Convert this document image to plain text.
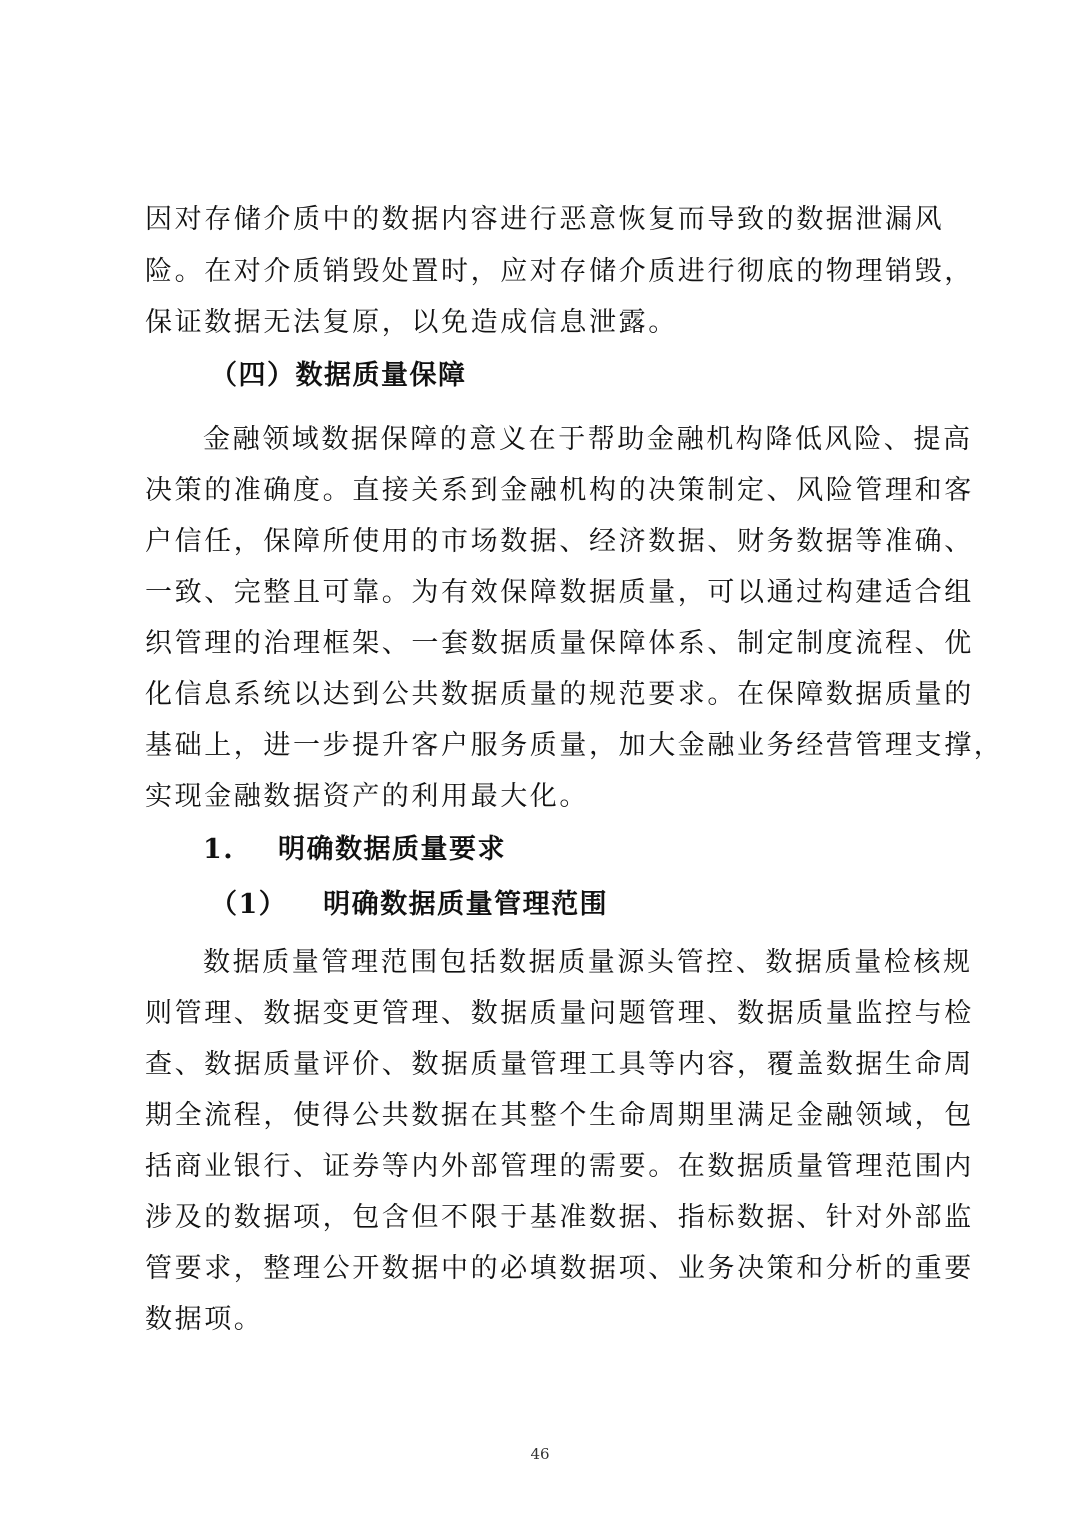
因对存储介质中的数据内容进行恶意恢复而导致的数据泄漏风
险。在对介质销毁处置时，应对存储介质进行彻底的物理销毁，
保证数据无法复原，以免造成信息泄露。
（四）数据质量保障
金融领域数据保障的意义在于帮助金融机构降低风险、提高
决策的准确度。直接关系到金融机构的决策制定、风险管理和客
户信任，保障所使用的市场数据、经济数据、财务数据等准确、
一致、完整且可靠。为有效保障数据质量，可以通过构建适合组
织管理的治理框架、一套数据质量保障体系、制定制度流程、优
化信息系统以达到公共数据质量的规范要求。在保障数据质量的
基础上，进一步提升客户服务质量，加大金融业务经营管理支撑，
实现金融数据资产的利用最大化。
1. 明确数据质量要求
（1） 明确数据质量管理范围
数据质量管理范围包括数据质量源头管控、数据质量检核规
则管理、数据变更管理、数据质量问题管理、数据质量监控与检
查、数据质量评价、数据质量管理工具等内容，覆盖数据生命周
期全流程，使得公共数据在其整个生命周期里满足金融领域，包
括商业银行、证券等内外部管理的需要。在数据质量管理范围内
涉及的数据项，包含但不限于基准数据、指标数据、针对外部监
管要求，整理公开数据中的必填数据项、业务决策和分析的重要
数据项。
46
